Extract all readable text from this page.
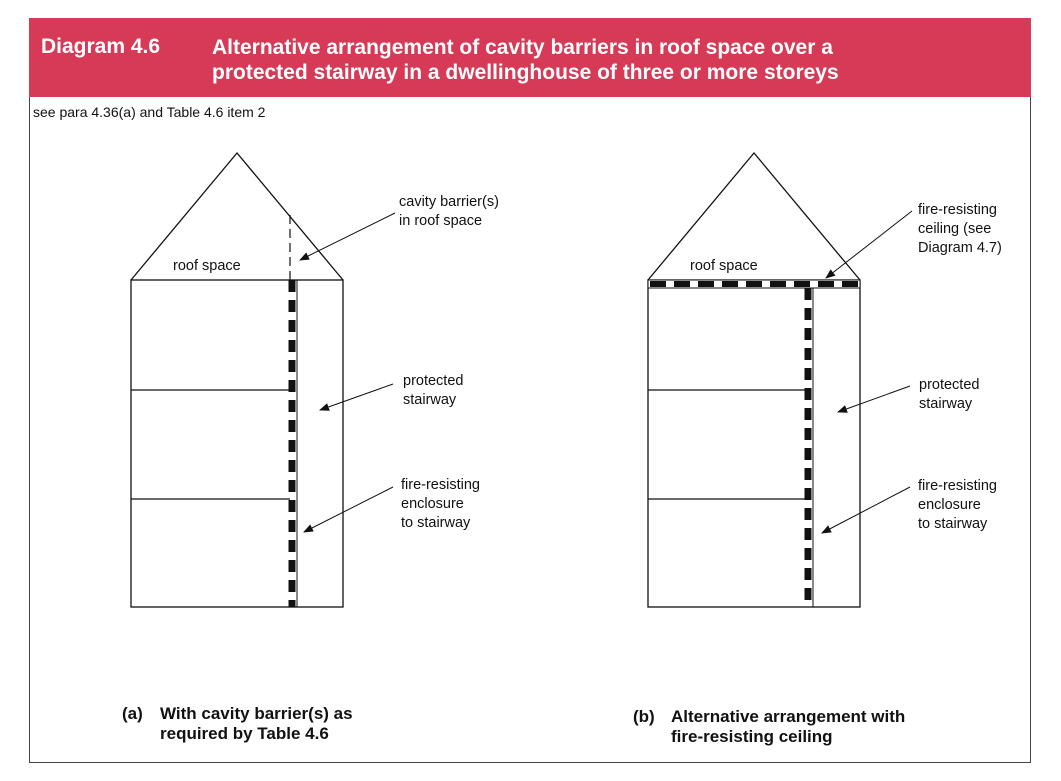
Diagram 4.6 Alternative arrangement of cavity barriers in roof space over a
protected stairway in a dwellinghouse of three or more storeys
see para 4.36(a) and Table 4.6 item 2
roof space
cavity barrier(s)
in roof space
protected
stairway
fire-resisting
enclosure
to stairway
(a) With cavity barrier(s) as
required by Table 4.6
roof space
fire-resisting
ceiling (see
Diagram 4.7)
protected
stairway
fire-resisting
enclosure
to stairway
(b) Alternative arrangement with
fire-resisting ceiling
